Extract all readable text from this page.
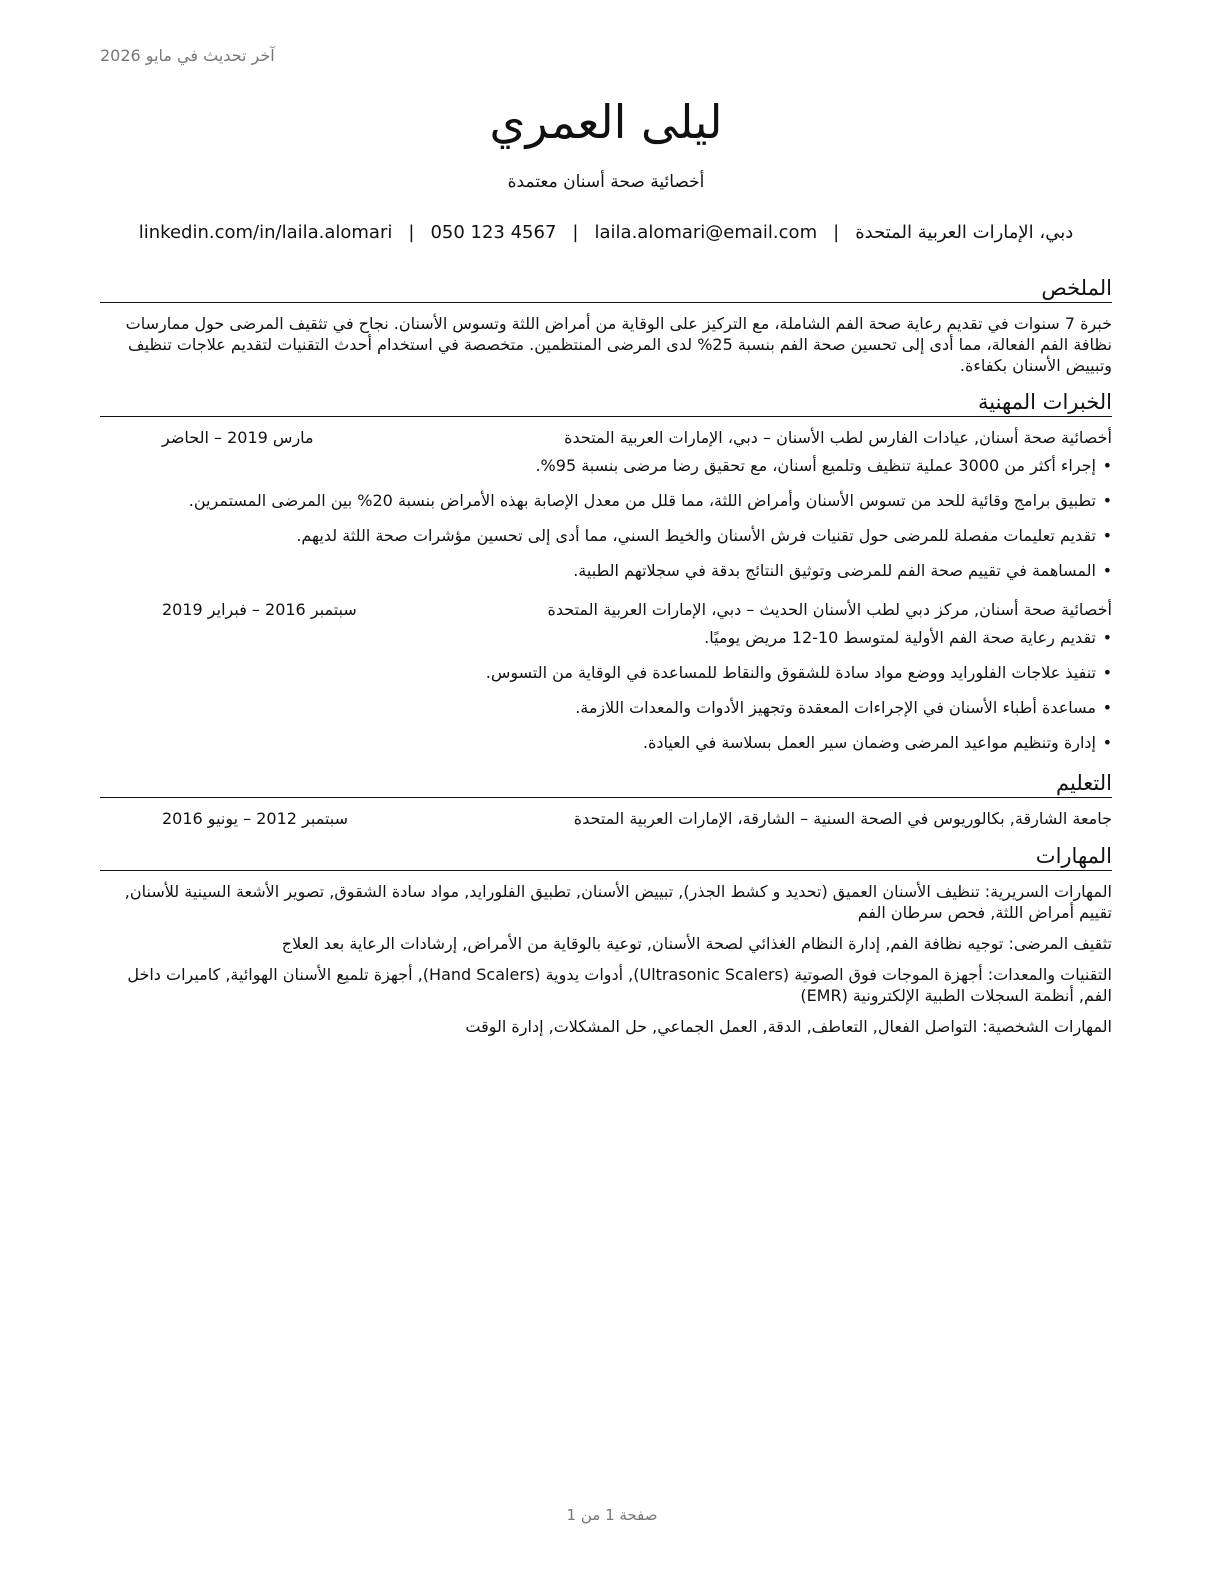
آخر تحديث في مايو 2026
ليلى العمري
أخصائية صحة أسنان معتمدة
دبي، الإمارات العربية المتحدة
|
laila.alomari@email.com
|
050 123 4567
|
linkedin.com/in/laila.alomari
الملخص
خبرة 7 سنوات في تقديم رعاية صحة الفم الشاملة، مع التركيز على الوقاية من أمراض اللثة وتسوس الأسنان. نجاح في تثقيف المرضى حول ممارسات نظافة الفم الفعالة، مما أدى إلى تحسين صحة الفم بنسبة 25% لدى المرضى المنتظمين. متخصصة في استخدام أحدث التقنيات لتقديم علاجات تنظيف وتبييض الأسنان بكفاءة.
الخبرات المهنية
أخصائية صحة أسنان, عيادات الفارس لطب الأسنان – دبي، الإمارات العربية المتحدة
مارس 2019 – الحاضر
• إجراء أكثر من 3000 عملية تنظيف وتلميع أسنان، مع تحقيق رضا مرضى بنسبة 95%.
• تطبيق برامج وقائية للحد من تسوس الأسنان وأمراض اللثة، مما قلل من معدل الإصابة بهذه الأمراض بنسبة 20% بين المرضى المستمرين.
• تقديم تعليمات مفصلة للمرضى حول تقنيات فرش الأسنان والخيط السني، مما أدى إلى تحسين مؤشرات صحة اللثة لديهم.
• المساهمة في تقييم صحة الفم للمرضى وتوثيق النتائج بدقة في سجلاتهم الطبية.
أخصائية صحة أسنان, مركز دبي لطب الأسنان الحديث – دبي، الإمارات العربية المتحدة
سبتمبر 2016 – فبراير 2019
• تقديم رعاية صحة الفم الأولية لمتوسط 10-12 مريض يوميًا.
• تنفيذ علاجات الفلورايد ووضع مواد سادة للشقوق والنقاط للمساعدة في الوقاية من التسوس.
• مساعدة أطباء الأسنان في الإجراءات المعقدة وتجهيز الأدوات والمعدات اللازمة.
• إدارة وتنظيم مواعيد المرضى وضمان سير العمل بسلاسة في العيادة.
التعليم
جامعة الشارقة, بكالوريوس في الصحة السنية – الشارقة، الإمارات العربية المتحدة
سبتمبر 2012 – يونيو 2016
المهارات
المهارات السريرية: تنظيف الأسنان العميق (تحديد و كشط الجذر), تبييض الأسنان, تطبيق الفلورايد, مواد سادة الشقوق, تصوير الأشعة السينية للأسنان, تقييم أمراض اللثة, فحص سرطان الفم
تثقيف المرضى: توجيه نظافة الفم, إدارة النظام الغذائي لصحة الأسنان, توعية بالوقاية من الأمراض, إرشادات الرعاية بعد العلاج
التقنيات والمعدات: أجهزة الموجات فوق الصوتية (Ultrasonic Scalers), أدوات يدوية (Hand Scalers), أجهزة تلميع الأسنان الهوائية, كاميرات داخل الفم, أنظمة السجلات الطبية الإلكترونية (EMR)
المهارات الشخصية: التواصل الفعال, التعاطف, الدقة, العمل الجماعي, حل المشكلات, إدارة الوقت
صفحة 1 من 1
